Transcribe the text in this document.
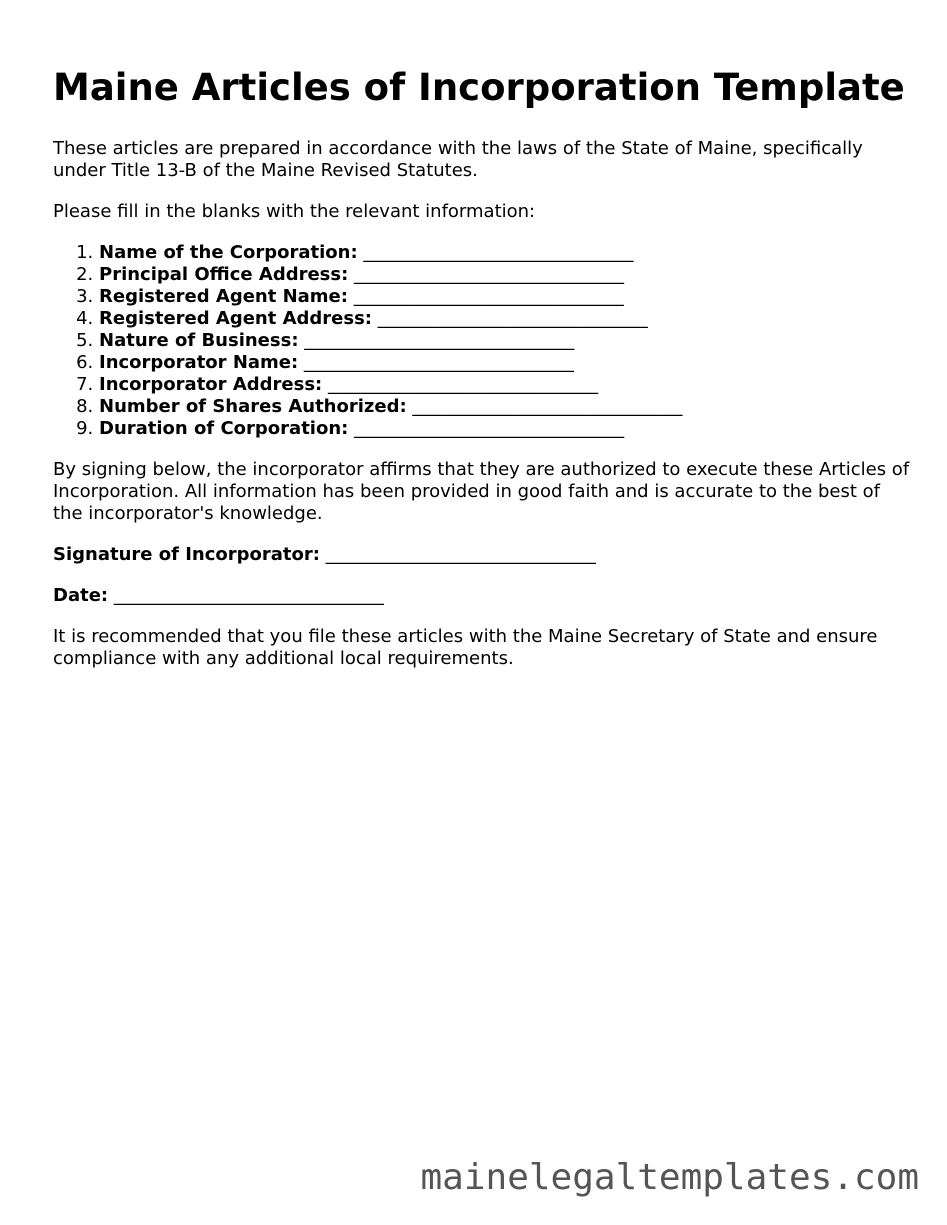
Maine Articles of Incorporation Template

These articles are prepared in accordance with the laws of the State of Maine, specifically under Title 13-B of the Maine Revised Statutes.

Please fill in the blanks with the relevant information:

1. Name of the Corporation: ______________________________
2. Principal Office Address: ______________________________
3. Registered Agent Name: ______________________________
4. Registered Agent Address: ______________________________
5. Nature of Business: ______________________________
6. Incorporator Name: ______________________________
7. Incorporator Address: ______________________________
8. Number of Shares Authorized: ______________________________
9. Duration of Corporation: ______________________________

By signing below, the incorporator affirms that they are authorized to execute these Articles of Incorporation. All information has been provided in good faith and is accurate to the best of the incorporator's knowledge.

Signature of Incorporator: ______________________________

Date: ______________________________

It is recommended that you file these articles with the Maine Secretary of State and ensure compliance with any additional local requirements.

mainelegaltemplates.com
